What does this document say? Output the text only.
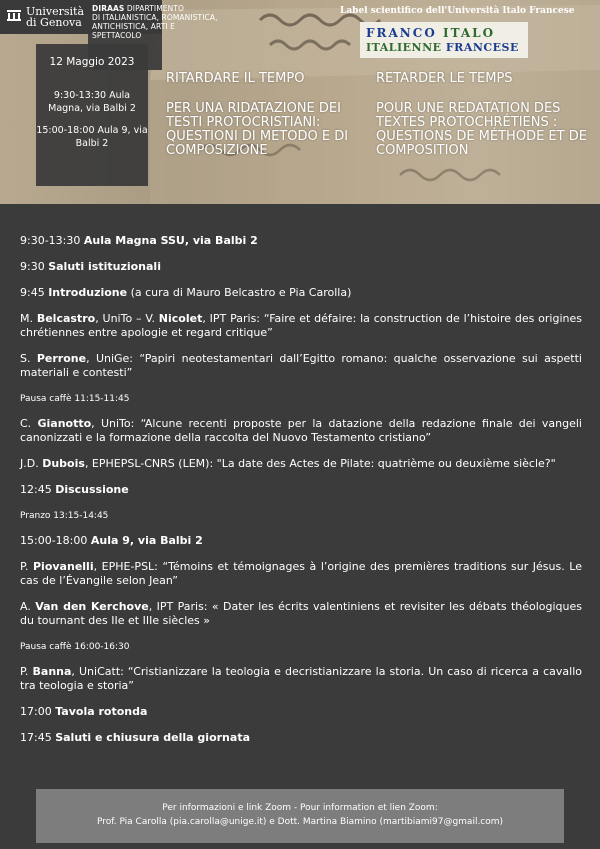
Università
di Genova
DIRAAS DIPARTIMENTO
DI ITALIANISTICA, ROMANISTICA,
ANTICHISTICA, ARTI E SPETTACOLO
Label scientifico dell'Università Italo Francese
FRANCO ITALO
ITALIENNE FRANCESE
12 Maggio 2023
9:30-13:30 Aula Magna, via Balbi 2
15:00-18:00 Aula 9, via Balbi 2
RITARDARE IL TEMPO
PER UNA RIDATAZIONE DEI TESTI PROTOCRISTIANI: QUESTIONI DI METODO E DI COMPOSIZIONE
RETARDER LE TEMPS
POUR UNE REDATATION DES TEXTES PROTOCHRÉTIENS : QUESTIONS DE MÉTHODE ET DE COMPOSITION

9:30-13:30 Aula Magna SSU, via Balbi 2

9:30 Saluti istituzionali

9:45 Introduzione (a cura di Mauro Belcastro e Pia Carolla)

M. Belcastro, UniTo – V. Nicolet, IPT Paris: “Faire et défaire: la construction de l’histoire des origines chrétiennes entre apologie et regard critique”

S. Perrone, UniGe: “Papiri neotestamentari dall’Egitto romano: qualche osservazione sui aspetti materiali e contesti”

Pausa caffè 11:15-11:45

C. Gianotto, UniTo: “Alcune recenti proposte per la datazione della redazione finale dei vangeli canonizzati e la formazione della raccolta del Nuovo Testamento cristiano”

J.D. Dubois, EPHEPSL-CNRS (LEM): "La date des Actes de Pilate: quatrième ou deuxième siècle?"

12:45 Discussione

Pranzo 13:15-14:45

15:00-18:00 Aula 9, via Balbi 2

P. Piovanelli, EPHE-PSL: “Témoins et témoignages à l’origine des premières traditions sur Jésus. Le cas de l’Évangile selon Jean”

A. Van den Kerchove, IPT Paris: « Dater les écrits valentiniens et revisiter les débats théologiques du tournant des IIe et IIIe siècles »

Pausa caffè 16:00-16:30

P. Banna, UniCatt: “Cristianizzare la teologia e decristianizzare la storia. Un caso di ricerca a cavallo tra teologia e storia”

17:00 Tavola rotonda

17:45 Saluti e chiusura della giornata

Per informazioni e link Zoom - Pour information et lien Zoom:
Prof. Pia Carolla (pia.carolla@unige.it) e Dott. Martina Biamino (martibiami97@gmail.com)
